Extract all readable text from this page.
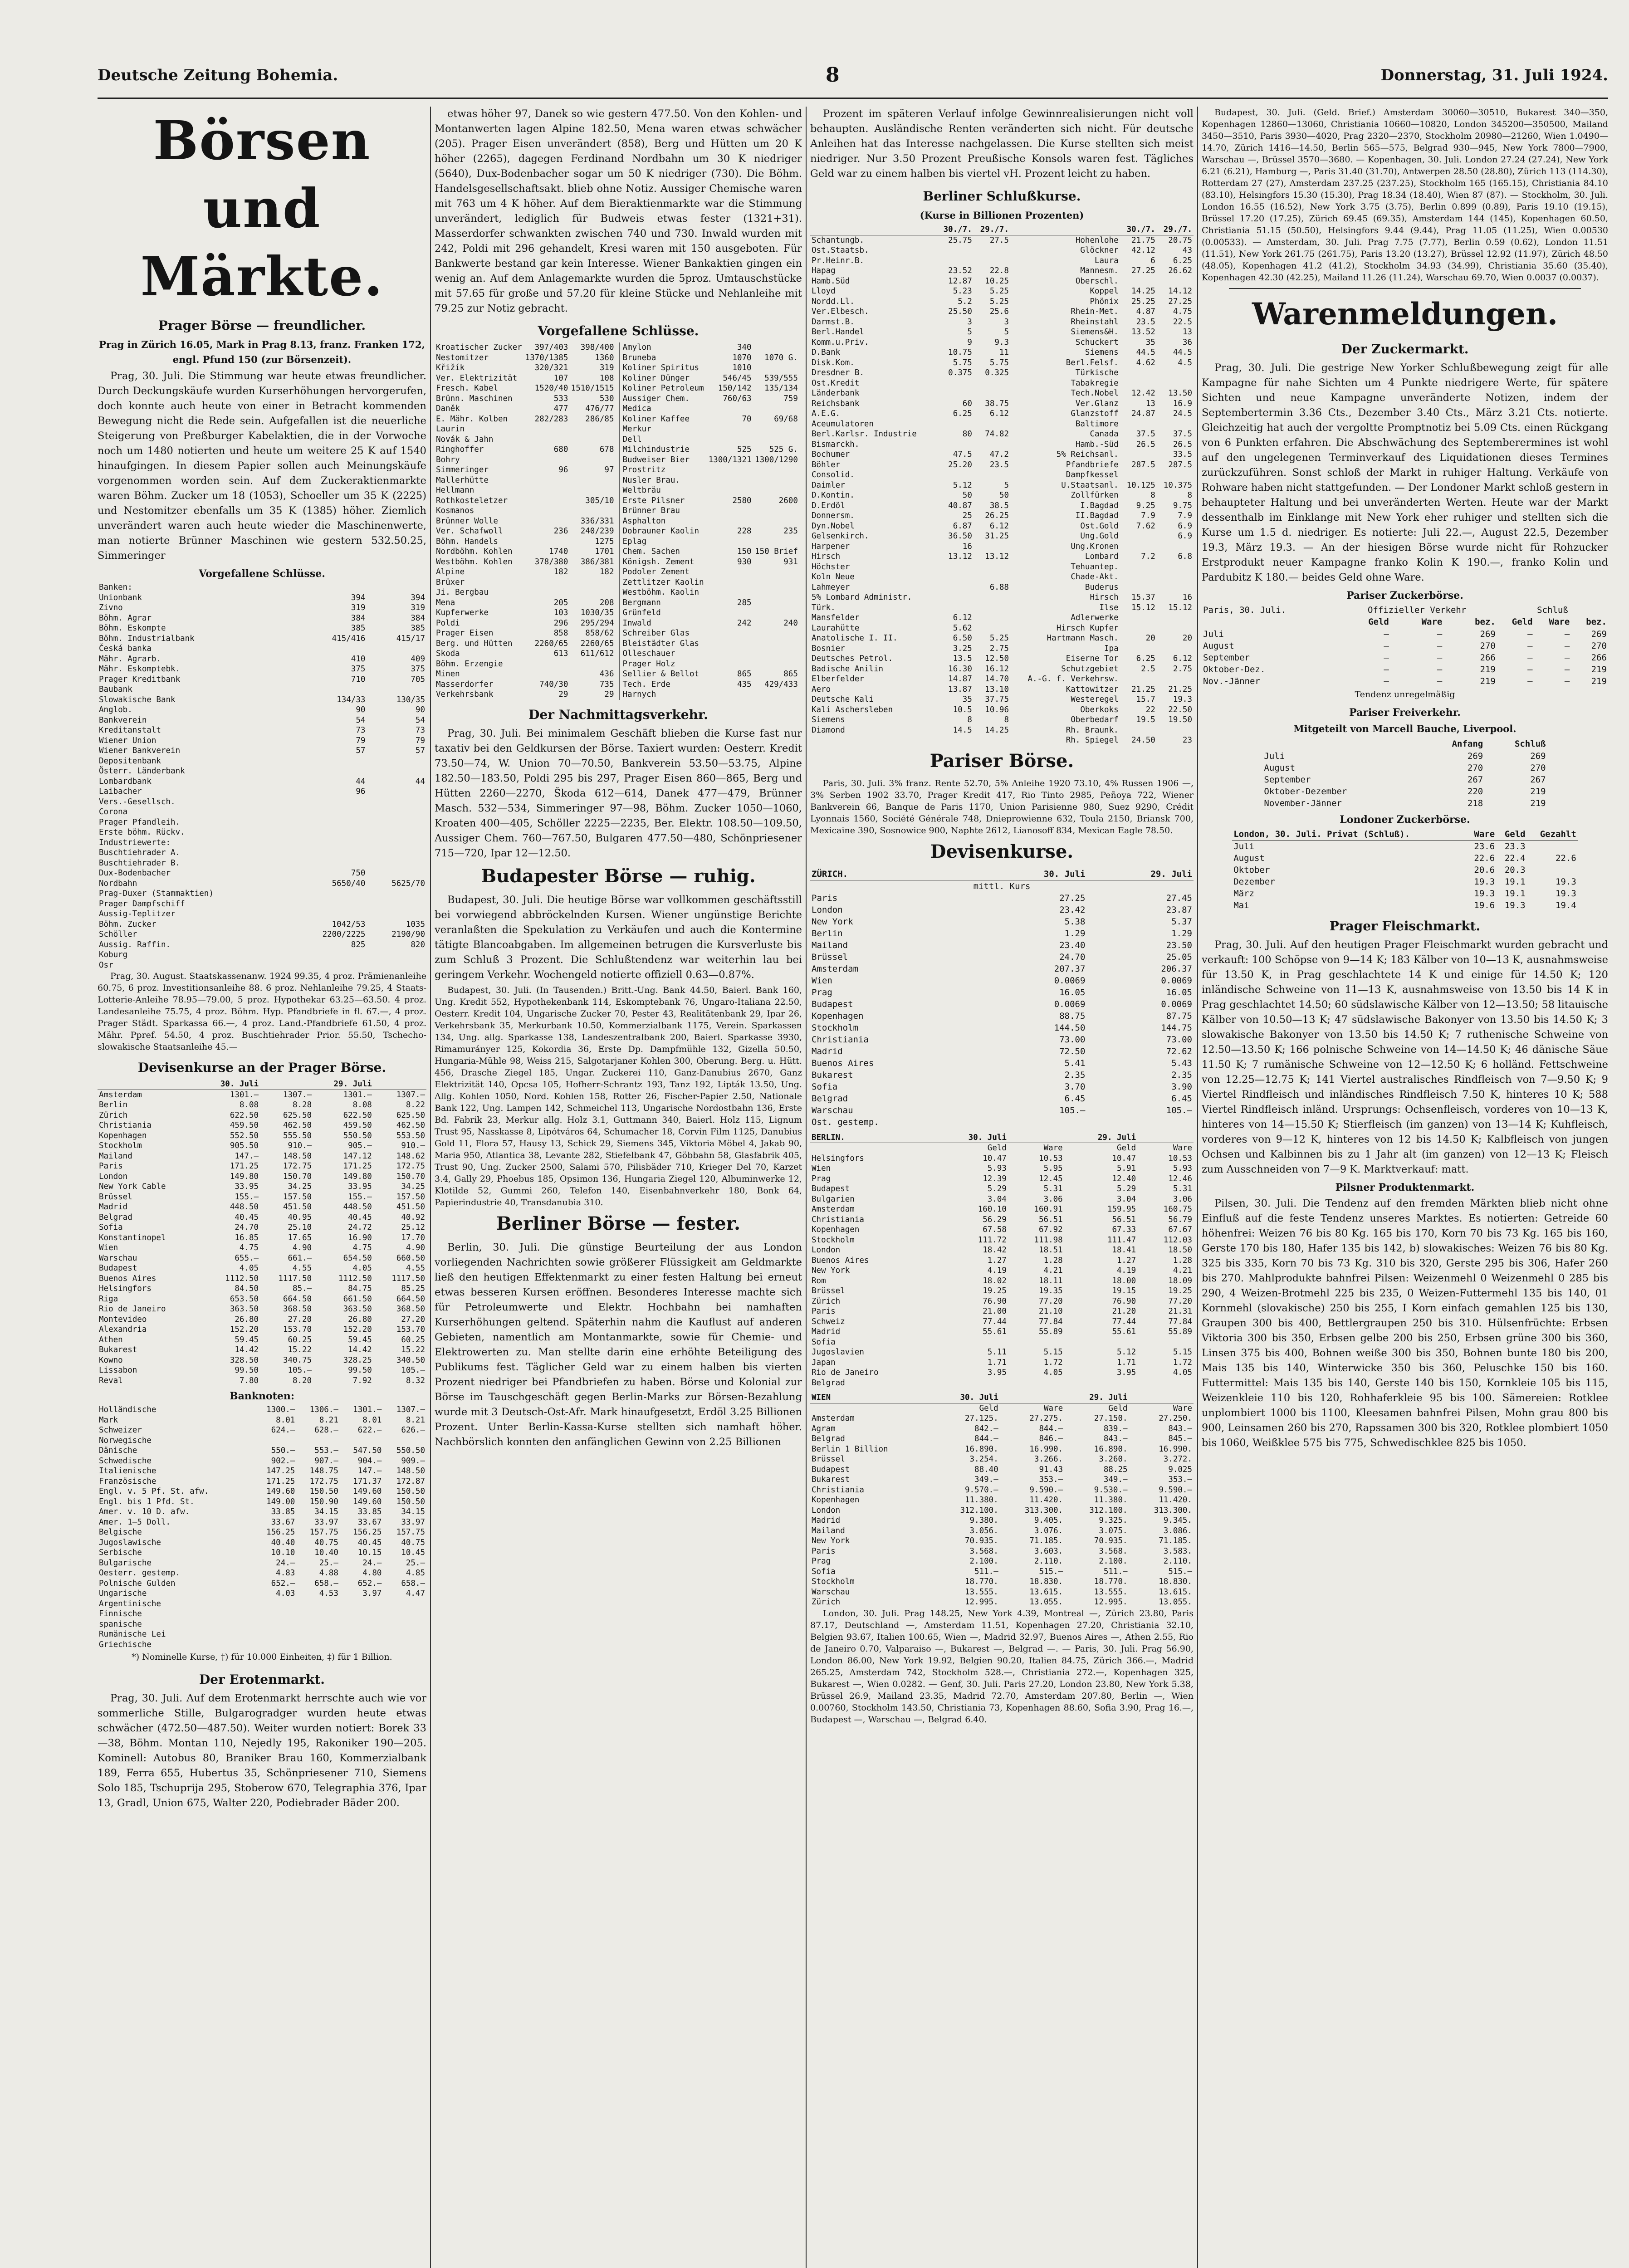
Deutsche Zeitung Bohemia.	8	Donnerstag, 31. Juli 1924.
Börsen und Märkte.
Prager Börse — freundlicher.

Prag in Zürich 16.05, Mark in Prag 8.13, franz. Franken 172, engl. Pfund 150 (zur Börsenzeit).

Prag, 30. Juli. Die Stimmung war heute etwas freundlicher. Durch Deckungskäufe wurden Kurserhöhungen hervorgerufen, doch konnte auch heute von einer in Betracht kommenden Bewegung nicht die Rede sein. Aufgefallen ist die neuerliche Steigerung von Preßburger Kabelaktien, die in der Vorwoche noch um 1480 notierten und heute um weitere 25 K auf 1540 hinaufgingen. In diesem Papier sollen auch Meinungskäufe vorgenommen worden sein. Auf dem Zuckeraktienmarkte waren Böhm. Zucker um 18 (1053), Schoeller um 35 K (2225) und Nestomitzer ebenfalls um 35 K (1385) höher. Ziemlich unverändert waren auch heute wieder die Maschinenwerte, man notierte Brünner Maschinen wie gestern 532.50.25, Simmeringer

Vorgefallene Schlüsse.
Banken:		
Unionbank	394	394
Zivno	319	319
Böhm. Agrar	384	384
Böhm. Eskompte	385	385
Böhm. Industrialbank	415/416	415/17
Česká banka		
Mähr. Agrarb.	410	409
Mähr. Eskomptebk.	375	375
Prager Kreditbank	710	705
Baubank		
Slowakische Bank	134/33	130/35
Anglob.	90	90
Bankverein	54	54
Kreditanstalt	73	73
Wiener Union	79	79
Wiener Bankverein	57	57
Depositenbank		
Österr. Länderbank		
Lombardbank	44	44
Laibacher	96	
Vers.-Gesellsch.		
Corona		
Prager Pfandleih.		
Erste böhm. Rückv.		
Industriewerte:		
Buschtiehrader A.		
Buschtiehrader B.		
Dux-Bodenbacher	750	
Nordbahn	5650/40	5625/70
Prag-Duxer (Stammaktien)		
Prager Dampfschiff		
Aussig-Teplitzer		
Böhm. Zucker	1042/53	1035
Schöller	2200/2225	2190/90
Aussig. Raffin.	825	820
Koburg		
Osr		

Prag, 30. August. Staatskassenanw. 1924 99.35, 4 proz. Prämienanleihe 60.75, 6 proz. Investitionsanleihe 88. 6 proz. Nehlanleihe 79.25, 4 Staats-Lotterie-Anleihe 78.95—79.00, 5 proz. Hypothekar 63.25—63.50. 4 proz. Landesanleihe 75.75, 4 proz. Böhm. Hyp. Pfandbriefe in fl. 67.—, 4 proz. Prager Städt. Sparkassa 66.—, 4 proz. Land.-Pfandbriefe 61.50, 4 proz. Mähr. Ppref. 54.50, 4 proz. Buschtiehrader Prior. 55.50, Tschecho-slowakische Staatsanleihe 45.—

Devisenkurse an der Prager Börse.
	30. Juli		29. Juli	
Amsterdam	1301.—	1307.—	1301.—	1307.—
Berlin	8.08	8.28	8.08	8.22
Zürich	622.50	625.50	622.50	625.50
Christiania	459.50	462.50	459.50	462.50
Kopenhagen	552.50	555.50	550.50	553.50
Stockholm	905.50	910.—	905.—	910.—
Mailand	147.—	148.50	147.12	148.62
Paris	171.25	172.75	171.25	172.75
London	149.80	150.70	149.80	150.70
New York Cable	33.95	34.25	33.95	34.25
Brüssel	155.—	157.50	155.—	157.50
Madrid	448.50	451.50	448.50	451.50
Belgrad	40.45	40.95	40.45	40.92
Sofia	24.70	25.10	24.72	25.12
Konstantinopel	16.85	17.65	16.90	17.70
Wien	4.75	4.90	4.75	4.90
Warschau	655.—	661.—	654.50	660.50
Budapest	4.05	4.55	4.05	4.55
Buenos Aires	1112.50	1117.50	1112.50	1117.50
Helsingfors	84.50	85.—	84.75	85.25
Riga	653.50	664.50	661.50	664.50
Rio de Janeiro	363.50	368.50	363.50	368.50
Montevideo	26.80	27.20	26.80	27.20
Alexandria	152.20	153.70	152.20	153.70
Athen	59.45	60.25	59.45	60.25
Bukarest	14.42	15.22	14.42	15.22
Kowno	328.50	340.75	328.25	340.50
Lissabon	99.50	105.—	99.50	105.—
Reval	7.80	8.20	7.92	8.32
Banknoten:
Holländische	1300.—	1306.—	1301.—	1307.—
Mark	8.01	8.21	8.01	8.21
Schweizer	624.—	628.—	622.—	626.—
Norwegische				
Dänische	550.—	553.—	547.50	550.50
Schwedische	902.—	907.—	904.—	909.—
Italienische	147.25	148.75	147.—	148.50
Französische	171.25	172.75	171.37	172.87
Engl. v. 5 Pf. St. afw.	149.60	150.50	149.60	150.50
Engl. bis 1 Pfd. St.	149.00	150.90	149.60	150.50
Amer. v. 10 D. afw.	33.85	34.15	33.85	34.15
Amer. 1—5 Doll.	33.67	33.97	33.67	33.97
Belgische	156.25	157.75	156.25	157.75
Jugoslawische	40.40	40.75	40.45	40.75
Serbische	10.10	10.40	10.15	10.45
Bulgarische	24.—	25.—	24.—	25.—
Oesterr. gestemp.	4.83	4.88	4.80	4.85
Polnische Gulden	652.—	658.—	652.—	658.—
Ungarische	4.03	4.53	3.97	4.47
Argentinische				
Finnische				
spanische				
Rumänische Lei				
Griechische				

*) Nominelle Kurse, †) für 10.000 Einheiten, ‡) für 1 Billion.

Der Erotenmarkt.

Prag, 30. Juli. Auf dem Erotenmarkt herrschte auch wie vor sommerliche Stille, Bulgarogradger wurden heute etwas schwächer (472.50—487.50). Weiter wurden notiert: Borek 33—38, Böhm. Montan 110, Nejedly 195, Rakoniker 190—205. Kominell: Autobus 80, Braniker Brau 160, Kommerzialbank 189, Ferra 655, Hubertus 35, Schönpriesener 710, Siemens Solo 185, Tschuprija 295, Stoberow 670, Telegraphia 376, Ipar 13, Gradl, Union 675, Walter 220, Podiebrader Bäder 200.

etwas höher 97, Danek so wie gestern 477.50. Von den Kohlen- und Montanwerten lagen Alpine 182.50, Mena waren etwas schwächer (205). Prager Eisen unverändert (858), Berg und Hütten um 20 K höher (2265), dagegen Ferdinand Nordbahn um 30 K niedriger (5640), Dux-Bodenbacher sogar um 50 K niedriger (730). Die Böhm. Handelsgesellschaftsakt. blieb ohne Notiz. Aussiger Chemische waren mit 763 um 4 K höher. Auf dem Bieraktienmarkte war die Stimmung unverändert, lediglich für Budweis etwas fester (1321+31). Masserdorfer schwankten zwischen 740 und 730. Inwald wurden mit 242, Poldi mit 296 gehandelt, Kresi waren mit 150 ausgeboten. Für Bankwerte bestand gar kein Interesse. Wiener Bankaktien gingen ein wenig an. Auf dem Anlagemarkte wurden die 5proz. Umtauschstücke mit 57.65 für große und 57.20 für kleine Stücke und Nehlanleihe mit 79.25 zur Notiz gebracht.

Vorgefallene Schlüsse.
Kroatischer Zucker	397/403	398/400
Nestomitzer	1370/1385	1360
Křižík	320/321	319
Ver. Elektrizität	107	108
Fresch. Kabel	1520/40	1510/1515
Brünn. Maschinen	533	530
Daněk	477	476/77
E. Mähr. Kolben	282/283	286/85
Laurin		
Novák & Jahn		
Ringhoffer	680	678
Bohry		
Simmeringer	96	97
Mallerhütte		
Hellmann		
Rothkosteletzer		305/10
Kosmanos		
Brünner Wolle		336/331
Ver. Schafwoll	236	240/239
Böhm. Handels		1275
Nordböhm. Kohlen	1740	1701
Westböhm. Kohlen	378/380	386/381
Alpine	182	182
Brüxer		
Ji. Bergbau		
Mena	205	208
Kupferwerke	103	1030/35
Poldi	296	295/294
Prager Eisen	858	858/62
Berg. und Hütten	2260/65	2260/65
Skoda	613	611/612
Böhm. Erzengie		
Minen		436
Masserdorfer	740/30	735
Verkehrsbank	29	29
Amylon	340		
Bruneba	1070	1070 G.	
Koliner Spiritus	1010		
Koliner Dünger	546/45	539/555	
Koliner Petroleum	150/142	135/134	
Aussiger Chem.	760/63	759	
Medica			
Koliner Kaffee	70	69/68	
Merkur			
Dell			
Milchindustrie	525	525 G.	
Budweiser Bier	1300/1321	1300/1290	
Prostritz			
Nusler Brau.			
Weltbräu			
Erste Pilsner	2580	2600	
Brünner Brau			
Asphalton			
Dobrauner Kaolin	228	235	
Eplag			
Chem. Sachen	150	150 Brief	
Königsh. Zement	930	931	
Podoler Zement			
Zettlitzer Kaolin			
Westböhm. Kaolin			
Bergmann	285		
Grünfeld			
Inwald	242	240	
Schreiber Glas			
Bleistädter Glas			
Olleschauer			
Prager Holz			
Sellier & Bellot	865	865	
Tech. Erde	435	429/433	
Harnych			
Der Nachmittagsverkehr.

Prag, 30. Juli. Bei minimalem Geschäft blieben die Kurse fast nur taxativ bei den Geldkursen der Börse. Taxiert wurden: Oesterr. Kredit 73.50—74, W. Union 70—70.50, Bankverein 53.50—53.75, Alpine 182.50—183.50, Poldi 295 bis 297, Prager Eisen 860—865, Berg und Hütten 2260—2270, Škoda 612—614, Danek 477—479, Brünner Masch. 532—534, Simmeringer 97—98, Böhm. Zucker 1050—1060, Kroaten 400—405, Schöller 2225—2235, Ber. Elektr. 108.50—109.50, Aussiger Chem. 760—767.50, Bulgaren 477.50—480, Schönpriesener 715—720, Ipar 12—12.50.

Budapester Börse — ruhig.

Budapest, 30. Juli. Die heutige Börse war vollkommen geschäftsstill bei vorwiegend abbröckelnden Kursen. Wiener ungünstige Berichte veranlaßten die Spekulation zu Verkäufen und auch die Kontermine tätigte Blancoabgaben. Im allgemeinen betrugen die Kursverluste bis zum Schluß 3 Prozent. Die Schlußtendenz war weiterhin lau bei geringem Verkehr. Wochengeld notierte offiziell 0.63—0.87%.

Budapest, 30. Juli. (In Tausenden.) Britt.-Ung. Bank 44.50, Baierl. Bank 160, Ung. Kredit 552, Hypothekenbank 114, Eskomptebank 76, Ungaro-Italiana 22.50, Oesterr. Kredit 104, Ungarische Zucker 70, Pester 43, Realitätenbank 29, Ipar 26, Verkehrsbank 35, Merkurbank 10.50, Kommerzialbank 1175, Verein. Sparkassen 134, Ung. allg. Sparkasse 138, Landeszentralbank 200, Baierl. Sparkasse 3930, Rimamurányer 125, Kokordia 36, Erste Dp. Dampfmühle 132, Gizella 50.50, Hungaria-Mühle 98, Weiss 215, Salgotarjaner Kohlen 300, Oberung. Berg. u. Hütt. 456, Drasche Ziegel 185, Ungar. Zuckerei 110, Ganz-Danubius 2670, Ganz Elektrizität 140, Opcsa 105, Hofherr-Schrantz 193, Tanz 192, Lipták 13.50, Ung. Allg. Kohlen 1050, Nord. Kohlen 158, Rotter 26, Fischer-Papier 2.50, Nationale Bank 122, Ung. Lampen 142, Schmeichel 113, Ungarische Nordostbahn 136, Erste Bd. Fabrik 23, Merkur allg. Holz 3.1, Guttmann 340, Baierl. Holz 115, Lignum Trust 95, Nasskasse 8, Lipótváros 64, Schumacher 18, Corvin Film 1125, Danubius Gold 11, Flora 57, Hausy 13, Schick 29, Siemens 345, Viktoria Möbel 4, Jakab 90, Maria 950, Atlantica 38, Levante 282, Stiefelbank 47, Göbbahn 58, Glasfabrik 405, Trust 90, Ung. Zucker 2500, Salami 570, Pilisbäder 710, Krieger Del 70, Karzet 3.4, Gally 29, Phoebus 185, Opsimon 136, Hungaria Ziegel 120, Albuminwerke 12, Klotilde 52, Gummi 260, Telefon 140, Eisenbahnverkehr 180, Bonk 64, Papierindustrie 40, Transdanubia 310.

Berliner Börse — fester.

Berlin, 30. Juli. Die günstige Beurteilung der aus London vorliegenden Nachrichten sowie größerer Flüssigkeit am Geldmarkte ließ den heutigen Effektenmarkt zu einer festen Haltung bei erneut etwas besseren Kursen eröffnen. Besonderes Interesse machte sich für Petroleumwerte und Elektr. Hochbahn bei namhaften Kurserhöhungen geltend. Späterhin nahm die Kauflust auf anderen Gebieten, namentlich am Montanmarkte, sowie für Chemie- und Elektrowerten zu. Man stellte darin eine erhöhte Beteiligung des Publikums fest. Täglicher Geld war zu einem halben bis vierten Prozent niedriger bei Pfandbriefen zu haben. Börse und Kolonial zur Börse im Tauschgeschäft gegen Berlin-Marks zur Börsen-Bezahlung wurde mit 3 Deutsch-Ost-Afr. Mark hinaufgesetzt, Erdöl 3.25 Billionen Prozent. Unter Berlin-Kassa-Kurse stellten sich namhaft höher. Nachbörslich konnten den anfänglichen Gewinn von 2.25 Billionen

Prozent im späteren Verlauf infolge Gewinnrealisierungen nicht voll behaupten. Ausländische Renten veränderten sich nicht. Für deutsche Anleihen hat das Interesse nachgelassen. Die Kurse stellten sich meist niedriger. Nur 3.50 Prozent Preußische Konsols waren fest. Tägliches Geld war zu einem halben bis viertel vH. Prozent leicht zu haben.

Berliner Schlußkurse.

(Kurse in Billionen Prozenten)

	30./7.	29./7.		30./7.	29./7.
Schantungb.	25.75	27.5	Hohenlohe	21.75	20.75
Ost.Staatsb.			Glöckner	42.12	43
Pr.Heinr.B.			Laura	6	6.25
Hapag	23.52	22.8	Mannesm.	27.25	26.62
Hamb.Süd	12.87	10.25	Oberschl.		
Lloyd	5.23	5.25	Koppel	14.25	14.12
Nordd.Ll.	5.2	5.25	Phönix	25.25	27.25
Ver.Elbesch.	25.50	25.6	Rhein-Met.	4.87	4.75
Darmst.B.	3	3	Rheinstahl	23.5	22.5
Berl.Handel	5	5	Siemens&H.	13.52	13
Komm.u.Priv.	9	9.3	Schuckert	35	36
D.Bank	10.75	11	Siemens	44.5	44.5
Disk.Kom.	5.75	5.75	Berl.Felsf.	4.62	4.5
Dresdner B.	0.375	0.325	Türkische		
Ost.Kredit			Tabakregie		
Länderbank			Tech.Nobel	12.42	13.50
Reichsbank	60	38.75	Ver.Glanz	13	16.9
A.E.G.	6.25	6.12	Glanzstoff	24.87	24.5
Aceumulatoren			Baltimore		
Berl.Karlsr. Industrie	80	74.82	Canada	37.5	37.5
Bismarckh.			Hamb.-Süd	26.5	26.5
Bochumer	47.5	47.2	5% Reichsanl.		33.5
Böhler	25.20	23.5	Pfandbriefe	287.5	287.5
Consolid.			Dampfkessel		
Daimler	5.12	5	U.Staatsanl.	10.125	10.375
D.Kontin.	50	50	Zollfürken	8	8
D.Erdöl	40.87	38.5	I.Bagdad	9.25	9.75
Donnersm.	25	26.25	II.Bagdad	7.9	7.9
Dyn.Nobel	6.87	6.12	Ost.Gold	7.62	6.9
Gelsenkirch.	36.50	31.25	Ung.Gold		6.9
Harpener	16		Ung.Kronen		
Hirsch	13.12	13.12	Lombard	7.2	6.8
Höchster			Tehuantep.		
Koln Neue			Chade-Akt.		
Lahmeyer		6.88	Buderus		
5% Lombard Administr.			Hirsch	15.37	16
Türk.			Ilse	15.12	15.12
Mansfelder	6.12		Adlerwerke		
Laurahütte	5.62		Hirsch Kupfer		
Anatolische I. II.	6.50	5.25	Hartmann Masch.	20	20
Bosnier	3.25	2.75	Ipa		
Deutsches Petrol.	13.5	12.50	Eiserne Tor	6.25	6.12
Badische Anilin	16.30	16.12	Schutzgebiet	2.5	2.75
Elberfelder	14.87	14.70	A.-G. f. Verkehrsw.		
Aero	13.87	13.10	Kattowitzer	21.25	21.25
Deutsche Kali	35	37.75	Westeregel	15.7	19.3
Kali Aschersleben	10.5	10.96	Oberkoks	22	22.50
Siemens	8	8	Oberbedarf	19.5	19.50
Diamond	14.5	14.25	Rh. Braunk.		
			Rh. Spiegel	24.50	23
Pariser Börse.

Paris, 30. Juli. 3% franz. Rente 52.70, 5% Anleihe 1920 73.10, 4% Russen 1906 —, 3% Serben 1902 33.70, Prager Kredit 417, Rio Tinto 2985, Peñoya 722, Wiener Bankverein 66, Banque de Paris 1170, Union Parisienne 980, Suez 9290, Crédit Lyonnais 1560, Société Générale 748, Dnieprowienne 632, Toula 2150, Briansk 700, Mexicaine 390, Sosnowice 900, Naphte 2612, Lianosoff 834, Mexican Eagle 78.50.

Devisenkurse.
ZÜRICH.	30. Juli	29. Juli
mittl. Kurs		
Paris	27.25	27.45
London	23.42	23.87
New York	5.38	5.37
Berlin	1.29	1.29
Mailand	23.40	23.50
Brüssel	24.70	25.05
Amsterdam	207.37	206.37
Wien	0.0069	0.0069
Prag	16.05	16.05
Budapest	0.0069	0.0069
Kopenhagen	88.75	87.75
Stockholm	144.50	144.75
Christiania	73.00	73.00
Madrid	72.50	72.62
Buenos Aires	5.41	5.43
Bukarest	2.35	2.35
Sofia	3.70	3.90
Belgrad	6.45	6.45
Warschau	105.—	105.—
Ost. gestemp.		
BERLIN.	30. Juli		29. Juli	
	Geld	Ware	Geld	Ware
Helsingfors	10.47	10.53	10.47	10.53
Wien	5.93	5.95	5.91	5.93
Prag	12.39	12.45	12.40	12.46
Budapest	5.29	5.31	5.29	5.31
Bulgarien	3.04	3.06	3.04	3.06
Amsterdam	160.10	160.91	159.95	160.75
Christiania	56.29	56.51	56.51	56.79
Kopenhagen	67.58	67.92	67.33	67.67
Stockholm	111.72	111.98	111.47	112.03
London	18.42	18.51	18.41	18.50
Buenos Aires	1.27	1.28	1.27	1.28
New York	4.19	4.21	4.19	4.21
Rom	18.02	18.11	18.00	18.09
Brüssel	19.25	19.35	19.15	19.25
Zürich	76.90	77.20	76.90	77.20
Paris	21.00	21.10	21.20	21.31
Schweiz	77.44	77.84	77.44	77.84
Madrid	55.61	55.89	55.61	55.89
Sofia				
Jugoslavien	5.11	5.15	5.12	5.15
Japan	1.71	1.72	1.71	1.72
Rio de Janeiro	3.95	4.05	3.95	4.05
Belgrad				
WIEN	30. Juli		29. Juli	
	Geld	Ware	Geld	Ware
Amsterdam	27.125.	27.275.	27.150.	27.250.
Agram	842.—	844.—	839.—	843.—
Belgrad	844.—	846.—	843.—	845.—
Berlin 1 Billion	16.890.	16.990.	16.890.	16.990.
Brüssel	3.254.	3.266.	3.260.	3.272.
Budapest	88.40	91.43	88.25	9.025
Bukarest	349.—	353.—	349.—	353.—
Christiania	9.570.—	9.590.—	9.530.—	9.590.—
Kopenhagen	11.380.	11.420.	11.380.	11.420.
London	312.100.	313.300.	312.100.	313.300.
Madrid	9.380.	9.405.	9.325.	9.345.
Mailand	3.056.	3.076.	3.075.	3.086.
New York	70.935.	71.185.	70.935.	71.185.
Paris	3.568.	3.603.	3.568.	3.583.
Prag	2.100.	2.110.	2.100.	2.110.
Sofia	511.—	515.—	511.—	515.—
Stockholm	18.770.	18.830.	18.770.	18.830.
Warschau	13.555.	13.615.	13.555.	13.615.
Zürich	12.995.	13.055.	12.995.	13.055.

London, 30. Juli. Prag 148.25, New York 4.39, Montreal —, Zürich 23.80, Paris 87.17, Deutschland —, Amsterdam 11.51, Kopenhagen 27.20, Christiania 32.10, Belgien 93.67, Italien 100.65, Wien —, Madrid 32.97, Buenos Aires —, Athen 2.55, Rio de Janeiro 0.70, Valparaiso —, Bukarest —, Belgrad —. — Paris, 30. Juli. Prag 56.90, London 86.00, New York 19.92, Belgien 90.20, Italien 84.75, Zürich 366.—, Madrid 265.25, Amsterdam 742, Stockholm 528.—, Christiania 272.—, Kopenhagen 325, Bukarest —, Wien 0.0282. — Genf, 30. Juli. Paris 27.20, London 23.80, New York 5.38, Brüssel 26.9, Mailand 23.35, Madrid 72.70, Amsterdam 207.80, Berlin —, Wien 0.00760, Stockholm 143.50, Christiania 73, Kopenhagen 88.60, Sofia 3.90, Prag 16.—, Budapest —, Warschau —, Belgrad 6.40.

Budapest, 30. Juli. (Geld. Brief.) Amsterdam 30060—30510, Bukarest 340—350, Kopenhagen 12860—13060, Christiania 10660—10820, London 345200—350500, Mailand 3450—3510, Paris 3930—4020, Prag 2320—2370, Stockholm 20980—21260, Wien 1.0490—14.70, Zürich 1416—14.50, Berlin 565—575, Belgrad 930—945, New York 7800—7900, Warschau —, Brüssel 3570—3680. — Kopenhagen, 30. Juli. London 27.24 (27.24), New York 6.21 (6.21), Hamburg —, Paris 31.40 (31.70), Antwerpen 28.50 (28.80), Zürich 113 (114.30), Rotterdam 27 (27), Amsterdam 237.25 (237.25), Stockholm 165 (165.15), Christiania 84.10 (83.10), Helsingfors 15.30 (15.30), Prag 18.34 (18.40), Wien 87 (87). — Stockholm, 30. Juli. London 16.55 (16.52), New York 3.75 (3.75), Berlin 0.899 (0.89), Paris 19.10 (19.15), Brüssel 17.20 (17.25), Zürich 69.45 (69.35), Amsterdam 144 (145), Kopenhagen 60.50, Christiania 51.15 (50.50), Helsingfors 9.44 (9.44), Prag 11.05 (11.25), Wien 0.00530 (0.00533). — Amsterdam, 30. Juli. Prag 7.75 (7.77), Berlin 0.59 (0.62), London 11.51 (11.51), New York 261.75 (261.75), Paris 13.20 (13.27), Brüssel 12.92 (11.97), Zürich 48.50 (48.05), Kopenhagen 41.2 (41.2), Stockholm 34.93 (34.99), Christiania 35.60 (35.40), Kopenhagen 42.30 (42.25), Mailand 11.26 (11.24), Warschau 69.70, Wien 0.0037 (0.0037).

Warenmeldungen.
Der Zuckermarkt.

Prag, 30. Juli. Die gestrige New Yorker Schlußbewegung zeigt für alle Kampagne für nahe Sichten um 4 Punkte niedrigere Werte, für spätere Sichten und neue Kampagne unveränderte Notizen, indem der Septembertermin 3.36 Cts., Dezember 3.40 Cts., März 3.21 Cts. notierte. Gleichzeitig hat auch der vergoltte Promptnotiz bei 5.09 Cts. einen Rückgang von 6 Punkten erfahren. Die Abschwächung des Septemberermines ist wohl auf den ungelegenen Terminverkauf des Liquidationen dieses Termines zurückzuführen. Sonst schloß der Markt in ruhiger Haltung. Verkäufe von Rohware haben nicht stattgefunden. — Der Londoner Markt schloß gestern in behaupteter Haltung und bei unveränderten Werten. Heute war der Markt dessenthalb im Einklange mit New York eher ruhiger und stellten sich die Kurse um 1.5 d. niedriger. Es notierte: Juli 22.—, August 22.5, Dezember 19.3, März 19.3. — An der hiesigen Börse wurde nicht für Rohzucker Erstprodukt neuer Kampagne franko Kolin K 190.—, franko Kolin und Pardubitz K 180.— beides Geld ohne Ware.

Pariser Zuckerbörse.
Paris, 30. Juli.	Offizieller Verkehr			Schluß		
	Geld	Ware	bez.	Geld	Ware	bez.
Juli	—	—	269	—	—	269
August	—	—	270	—	—	270
September	—	—	266	—	—	266
Oktober-Dez.	—	—	219	—	—	219
Nov.-Jänner	—	—	219	—	—	219

Tendenz unregelmäßig

Pariser Freiverkehr.

Mitgeteilt von Marcell Bauche, Liverpool.

	Anfang	Schluß
Juli	269	269
August	270	270
September	267	267
Oktober-Dezember	220	219
November-Jänner	218	219
Londoner Zuckerbörse.
London, 30. Juli. Privat (Schluß).	Ware	Geld	Gezahlt
Juli	23.6	23.3	
August	22.6	22.4	22.6
Oktober	20.6	20.3	
Dezember	19.3	19.1	19.3
März	19.3	19.1	19.3
Mai	19.6	19.3	19.4
Prager Fleischmarkt.

Prag, 30. Juli. Auf den heutigen Prager Fleischmarkt wurden gebracht und verkauft: 100 Schöpse von 9—14 K; 183 Kälber von 10—13 K, ausnahmsweise für 13.50 K, in Prag geschlachtete 14 K und einige für 14.50 K; 120 inländische Schweine von 11—13 K, ausnahmsweise von 13.50 bis 14 K in Prag geschlachtet 14.50; 60 südslawische Kälber von 12—13.50; 58 litauische Kälber von 10.50—13 K; 47 südslawische Bakonyer von 13.50 bis 14.50 K; 3 slowakische Bakonyer von 13.50 bis 14.50 K; 7 ruthenische Schweine von 12.50—13.50 K; 166 polnische Schweine von 14—14.50 K; 46 dänische Säue 11.50 K; 7 rumänische Schweine von 12—12.50 K; 6 holländ. Fettschweine von 12.25—12.75 K; 141 Viertel australisches Rindfleisch von 7—9.50 K; 9 Viertel Rindfleisch und inländisches Rindfleisch 7.50 K, hinteres 10 K; 588 Viertel Rindfleisch inländ. Ursprungs: Ochsenfleisch, vorderes von 10—13 K, hinteres von 14—15.50 K; Stierfleisch (im ganzen) von 13—14 K; Kuhfleisch, vorderes von 9—12 K, hinteres von 12 bis 14.50 K; Kalbfleisch von jungen Ochsen und Kalbinnen bis zu 1 Jahr alt (im ganzen) von 12—13 K; Fleisch zum Ausschneiden von 7—9 K. Marktverkauf: matt.

Pilsner Produktenmarkt.

Pilsen, 30. Juli. Die Tendenz auf den fremden Märkten blieb nicht ohne Einfluß auf die feste Tendenz unseres Marktes. Es notierten: Getreide 60 höhenfrei: Weizen 76 bis 80 Kg. 165 bis 170, Korn 70 bis 73 Kg. 165 bis 160, Gerste 170 bis 180, Hafer 135 bis 142, b) slowakisches: Weizen 76 bis 80 Kg. 325 bis 335, Korn 70 bis 73 Kg. 310 bis 320, Gerste 295 bis 306, Hafer 260 bis 270. Mahlprodukte bahnfrei Pilsen: Weizenmehl 0 Weizenmehl 0 285 bis 290, 4 Weizen-Brotmehl 225 bis 235, 0 Weizen-Futtermehl 135 bis 140, 01 Kornmehl (slovakische) 250 bis 255, I Korn einfach gemahlen 125 bis 130, Graupen 300 bis 400, Bettlergraupen 250 bis 310. Hülsenfrüchte: Erbsen Viktoria 300 bis 350, Erbsen gelbe 200 bis 250, Erbsen grüne 300 bis 360, Linsen 375 bis 400, Bohnen weiße 300 bis 350, Bohnen bunte 180 bis 200, Mais 135 bis 140, Winterwicke 350 bis 360, Peluschke 150 bis 160. Futtermittel: Mais 135 bis 140, Gerste 140 bis 150, Kornkleie 105 bis 115, Weizenkleie 110 bis 120, Rohhaferkleie 95 bis 100. Sämereien: Rotklee unplombiert 1000 bis 1100, Kleesamen bahnfrei Pilsen, Mohn grau 800 bis 900, Leinsamen 260 bis 270, Rapssamen 300 bis 320, Rotklee plombiert 1050 bis 1060, Weißklee 575 bis 775, Schwedischklee 825 bis 1050.
